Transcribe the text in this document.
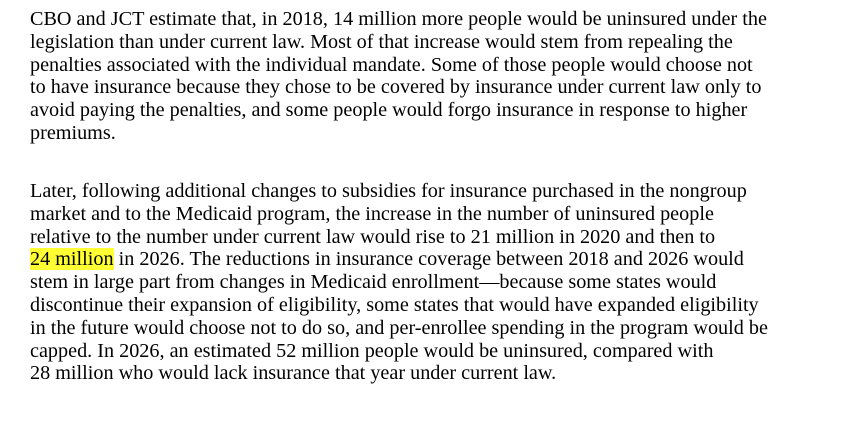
CBO and JCT estimate that, in 2018, 14 million more people would be uninsured under the
legislation than under current law. Most of that increase would stem from repealing the
penalties associated with the individual mandate. Some of those people would choose not
to have insurance because they chose to be covered by insurance under current law only to
avoid paying the penalties, and some people would forgo insurance in response to higher
premiums.
Later, following additional changes to subsidies for insurance purchased in the nongroup
market and to the Medicaid program, the increase in the number of uninsured people
relative to the number under current law would rise to 21 million in 2020 and then to
24 million in 2026. The reductions in insurance coverage between 2018 and 2026 would
stem in large part from changes in Medicaid enrollment—because some states would
discontinue their expansion of eligibility, some states that would have expanded eligibility
in the future would choose not to do so, and per-enrollee spending in the program would be
capped. In 2026, an estimated 52 million people would be uninsured, compared with
28 million who would lack insurance that year under current law.
